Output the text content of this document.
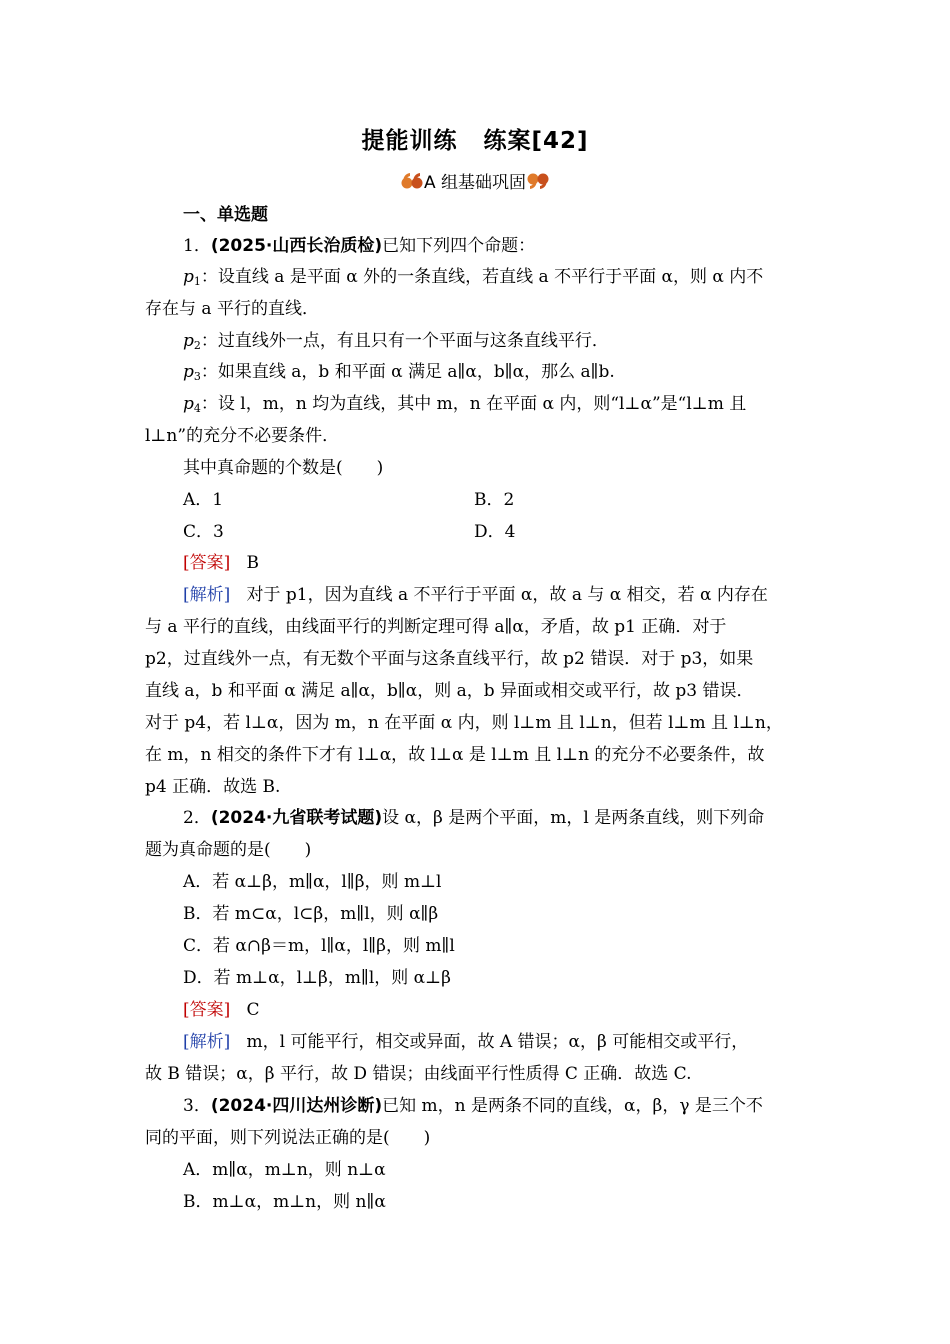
提能训练 练案[42]
A 组基础巩固
一、单选题
1．(2025·山西长治质检)已知下列四个命题：
$p_1$：设直线 a 是平面 α 外的一条直线，若直线 a 不平行于平面 α，则 α 内不
存在与 a 平行的直线．
$p_2$：过直线外一点，有且只有一个平面与这条直线平行．
$p_3$：如果直线 a，b 和平面 α 满足 a∥α，b∥α，那么 a∥b.
$p_4$：设 l，m，n 均为直线，其中 m，n 在平面 α 内，则“l⊥α”是“l⊥m 且
l⊥n”的充分不必要条件．
其中真命题的个数是(　　)
A．1	B．2
C．3	D．4
[答案] B
[解析] 对于 p1，因为直线 a 不平行于平面 α，故 a 与 α 相交，若 α 内存在
与 a 平行的直线，由线面平行的判断定理可得 a∥α，矛盾，故 p1 正确．对于
p2，过直线外一点，有无数个平面与这条直线平行，故 p2 错误．对于 p3，如果
直线 a，b 和平面 α 满足 a∥α，b∥α，则 a，b 异面或相交或平行，故 p3 错误．
对于 p4，若 l⊥α，因为 m，n 在平面 α 内，则 l⊥m 且 l⊥n，但若 l⊥m 且 l⊥n，
在 m，n 相交的条件下才有 l⊥α，故 l⊥α 是 l⊥m 且 l⊥n 的充分不必要条件，故
p4 正确．故选 B.
2．(2024·九省联考试题)设 α，β 是两个平面，m，l 是两条直线，则下列命
题为真命题的是(　　)
A．若 α⊥β，m∥α，l∥β，则 m⊥l
B．若 m⊂α，l⊂β，m∥l，则 α∥β
C．若 α∩β＝m，l∥α，l∥β，则 m∥l
D．若 m⊥α，l⊥β，m∥l，则 α⊥β
[答案] C
[解析] m，l 可能平行，相交或异面，故 A 错误；α，β 可能相交或平行，
故 B 错误；α，β 平行，故 D 错误；由线面平行性质得 C 正确．故选 C.
3．(2024·四川达州诊断)已知 m，n 是两条不同的直线，α，β，γ 是三个不
同的平面，则下列说法正确的是(　　)
A．m∥α，m⊥n，则 n⊥α
B．m⊥α，m⊥n，则 n∥α
